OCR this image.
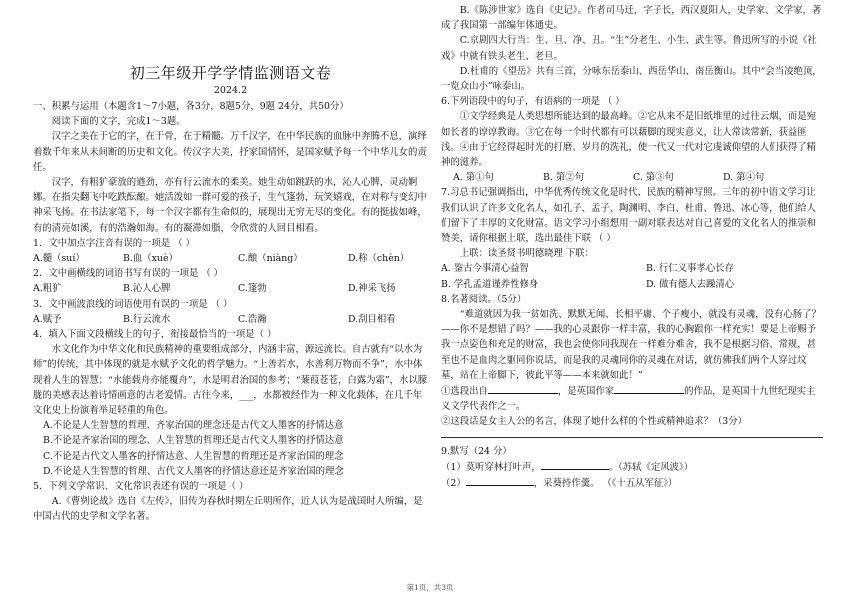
初三年级开学学情监测语文卷
2024.2

一、积累与运用（本题含1～7小题，各3分，8题5分，9题 24分，共50分）

阅读下面的文字，完成1～3题。

汉字之美在于它的字，在于骨，在于精髓。万千汉字，在中华民族的血脉中奔腾不息，演绎着数千年来从未间断的历史和文化。传汉字大美，抒家国情怀，是国家赋予每一个中华儿女的责任。

汉字，有粗犷豪放的遒劲，亦有行云流水的柔美。她生动如跳跃的水，沁人心脾，灵动婀娜。在指尖翻飞中吃跌酝酿。她活泼如一群可爱的孩子，生气篷勃，玩笑嬉戏，在对称与变幻中神采飞扬。在书法家笔下，每一个汉字都有生命似的，展现出无穷无尽的变化。有的挺拔如峰，有的清亮如溪，有的浩瀚如海。有的凝滞如脂，令欣赏的人回目相看。

1．文中加点字注音有误的一项是 （ ）

A.髓（suí）	B.血（xuè）	C.酿（niàng）	D.称（chèn）

2．文中画横线的词语书写有误的一项是 （ ）

A.粗犷	B.沁人心脾	C.篷勃	D.神采飞扬

3．文中画波浪线的词语使用有误的一项是 （ ）

A.赋予	B.行云流水	C.浩瀚	D.刮目相看

4．填入下面文段横线上的句子，衔接最恰当的一项是（ ）

水文化作为中华文化和民族精神的重要组成部分，内涵丰富，源远流长。自古就有“以水为师”的传统，其中体现的就是水赋予文化的哲学魅力。“上善若水，水善利万物而不争”，水中体现着人生的智慧；“水能载舟亦能覆舟”，水是明君治国的参考；“蒹葭苍苍，白露为霜”，水以朦胧的美感表达着诗情画意的古老爱情。古往今来，___，水都被经作为一种文化载体，在几千年文化史上扮演着举足轻重的角色。

A.不论是人生智慧的哲理、齐家治国的理念还是古代文人墨客的抒情达意

B.不论是齐家治国的理念、人生智慧的哲理还是古代文人墨客的抒情达意

C.不论是古代文人墨客的抒情达意、人生智慧的哲理还是齐家治国的理念

D.不论是人生智慧的哲理、古代文人墨客的抒情达意还是齐家治国的理念

5．下列文学常识、文化常识表述有误的一项是（ ）

A.《曹刿论战》选自《左传》，旧传为春秋时期左丘明所作，近人认为是战国时人所编，是中国古代的史学和文学名著。

B.《陈涉世家》选自《史记》。作者司马迁，字子长，西汉夏阳人，史学家、文学家，著成了我国第一部编年体通史。

C.京剧四大行当：生、旦、净、丑。“生”分老生、小生、武生等。鲁迅所写的小说《社戏》中就有铁头老生、老旦。

D.杜甫的《望岳》共有三首，分咏东岳泰山、西岳华山、南岳衡山。其中“会当凌绝顶，一览众山小”咏泰山。

6.下列语段中的句子，有语病的一项是 （ ）

①文学经典是人类思想所能达到的最高峰。②它从来不是旧纸堆里的过往云烟，而是宛如长者的谆谆教诲。③它在每一个时代都有可以藉脚的现实意义，让人常读常新，获益匪浅。④由于它经得起时光的打磨、岁月的洗礼，使一代又一代对它虔诚仰望的人们获得了精神的滋养。

A. 第①句	B. 第②句	C. 第③句	D. 第④句

7.习总书记强调指出，中华优秀传统文化是时代、民族的精神写照。三年的初中语文学习让我们认识了许多文化名人，如孔子、孟子、陶渊明、李白、杜甫、鲁迅、冰心等，他们给人们留下了丰厚的文化财富。语文学习小组想用一副对联表达对自己喜爱的文化名人的推崇和赞美，请你根据上联，选出最佳下联 （ ）

上联：读圣贤书明德晓理 下联：

A. 鉴古今事清心益智	B. 行仁义事孝心长存
B. 学孔孟道谨养性修身	D. 做有德人去躁清心

8.名著阅读。（5分）

“难道就因为我一贫如洗、默默无闻、长相平庸、个子瘦小，就没有灵魂，没有心肠了？——你不是想错了吗？——我的心灵跟你一样丰富，我的心胸跟你一样充实！要是上帝赐予我一点姿色和充足的财富，我也会使你同我现在一样难分难舍，我不是根据习俗、常规，甚至也不是血肉之躯同你说话，而是我的灵魂同你的灵魂在对话，就仿佛我们两个人穿过坟墓，站在上帝脚下，彼此平等——本来就如此！”

①选段出自	，是英国作家	的作品，是英国十九世纪现实主义文学代表作之一。

②这段话是女主人公的名言，体现了她什么样的个性或精神追求？（3分）

9.默写（24 分）

（1）莫听穿林打叶声，	。（苏轼《定风波》）

（2）	，采葵持作羹。 （《十五从军征》）

第1页，共3页
